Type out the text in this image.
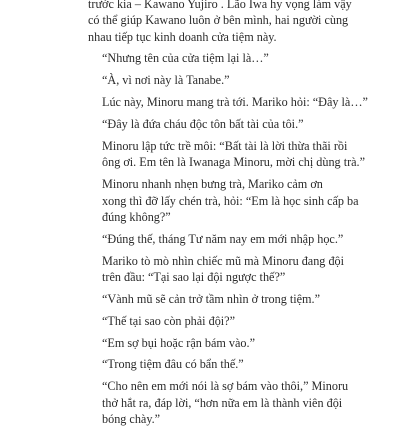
trước kia – Kawano Yujiro . Lão Iwa hy vọng làm vậy
có thể giúp Kawano luôn ở bên mình, hai người cùng
nhau tiếp tục kinh doanh cửa tiệm này.

“Nhưng tên của cửa tiệm lại là…”

“À, vì nơi này là Tanabe.”

Lúc này, Minoru mang trà tới. Mariko hỏi: “Đây là…”

“Đây là đứa cháu độc tôn bất tài của tôi.”

Minoru lập tức trề môi: “Bất tài là lời thừa thãi rồi
ông ơi. Em tên là Iwanaga Minoru, mời chị dùng trà.”

Minoru nhanh nhẹn bưng trà, Mariko cảm ơn
xong thì đỡ lấy chén trà, hỏi: “Em là học sinh cấp ba
đúng không?”

“Đúng thế, tháng Tư năm nay em mới nhập học.”

Mariko tò mò nhìn chiếc mũ mà Minoru đang đội
trên đầu: “Tại sao lại đội ngược thế?”

“Vành mũ sẽ cản trở tầm nhìn ở trong tiệm.”

“Thế tại sao còn phải đội?”

“Em sợ bụi hoặc rận bám vào.”

“Trong tiệm đâu có bẩn thế.”

“Cho nên em mới nói là sợ bám vào thôi,” Minoru
thở hắt ra, đáp lời, “hơn nữa em là thành viên đội
bóng chày.”
